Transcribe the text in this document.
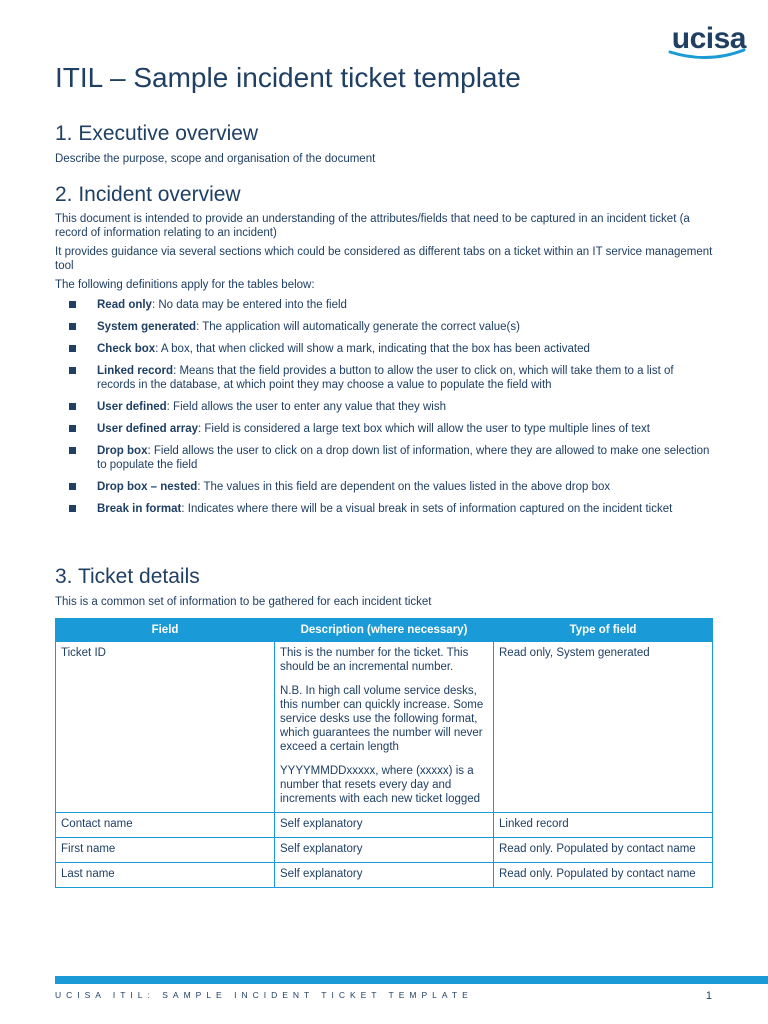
ucisa
ITIL – Sample incident ticket template
1. Executive overview

Describe the purpose, scope and organisation of the document

2. Incident overview

This document is intended to provide an understanding of the attributes/fields that need to be captured in an incident ticket (a record of information relating to an incident)

It provides guidance via several sections which could be considered as different tabs on a ticket within an IT service management tool

The following definitions apply for the tables below:

Read only: No data may be entered into the field
System generated: The application will automatically generate the correct value(s)
Check box: A box, that when clicked will show a mark, indicating that the box has been activated
Linked record: Means that the field provides a button to allow the user to click on, which will take them to a list of records in the database, at which point they may choose a value to populate the field with
User defined: Field allows the user to enter any value that they wish
User defined array: Field is considered a large text box which will allow the user to type multiple lines of text
Drop box: Field allows the user to click on a drop down list of information, where they are allowed to make one selection to populate the field
Drop box – nested: The values in this field are dependent on the values listed in the above drop box
Break in format: Indicates where there will be a visual break in sets of information captured on the incident ticket
3. Ticket details

This is a common set of information to be gathered for each incident ticket

Field	Description (where necessary)	Type of field
Ticket ID	This is the number for the ticket. This should be an incremental number.

N.B. In high call volume service desks, this number can quickly increase. Some service desks use the following format, which guarantees the number will never exceed a certain length

YYYYMMDDxxxxx, where (xxxxx) is a number that resets every day and increments with each new ticket logged	Read only, System generated
Contact name	Self explanatory	Linked record
First name	Self explanatory	Read only. Populated by contact name
Last name	Self explanatory	Read only. Populated by contact name
UCISA ITIL: SAMPLE INCIDENT TICKET TEMPLATE	1
